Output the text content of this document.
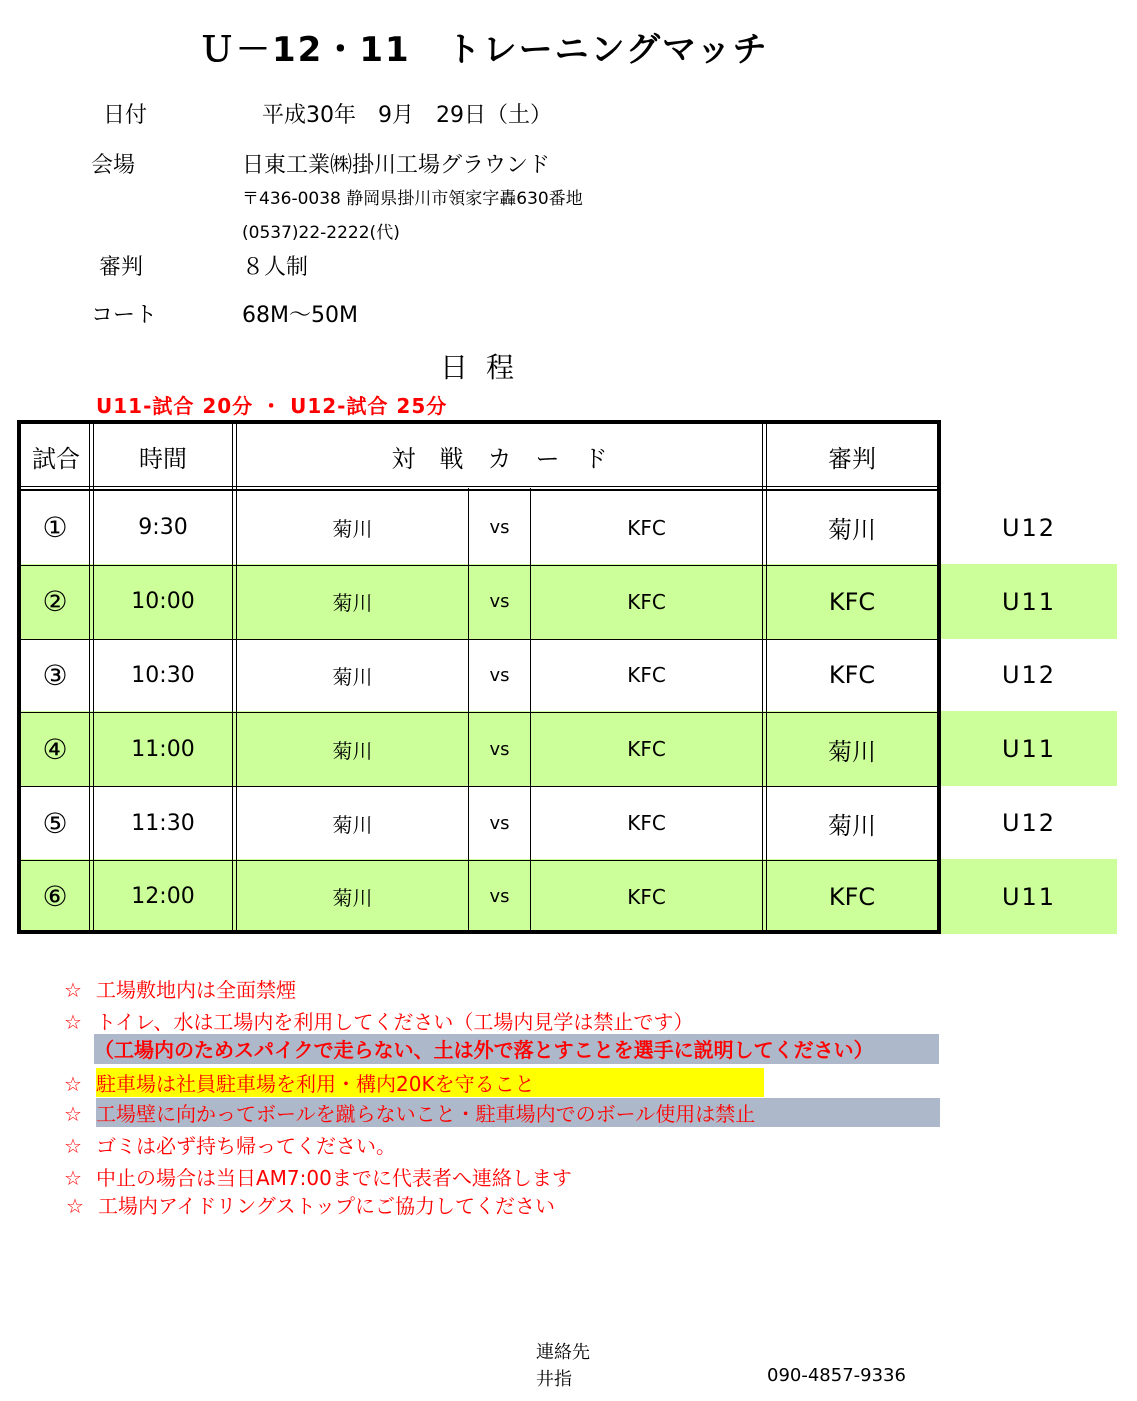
Ｕ－12・11　トレーニングマッチ
日付	平成30年　9月　29日（土）
会場	日東工業㈱掛川工場グラウンド
〒436-0038 静岡県掛川市領家字轟630番地
(0537)22-2222(代)
審判	８人制
コート	68M～50M
日程
U11-試合 20分 ・ U12-試合 25分
試合	時間	対　戦　カ　ー　ド	審判
①	9:30	菊川	vs	KFC	菊川	U12
②	10:00	菊川	vs	KFC	KFC	U11
③	10:30	菊川	vs	KFC	KFC	U12
④	11:00	菊川	vs	KFC	菊川	U11
⑤	11:30	菊川	vs	KFC	菊川	U12
⑥	12:00	菊川	vs	KFC	KFC	U11
☆ 工場敷地内は全面禁煙
☆ トイレ、水は工場内を利用してください（工場内見学は禁止です）
（工場内のためスパイクで走らない、土は外で落とすことを選手に説明してください）
☆ 駐車場は社員駐車場を利用・構内20Kを守ること
☆ 工場壁に向かってボールを蹴らないこと・駐車場内でのボール使用は禁止
☆ ゴミは必ず持ち帰ってください。
☆ 中止の場合は当日AM7:00までに代表者へ連絡します
☆ 工場内アイドリングストップにご協力してください
連絡先
井指	090-4857-9336
